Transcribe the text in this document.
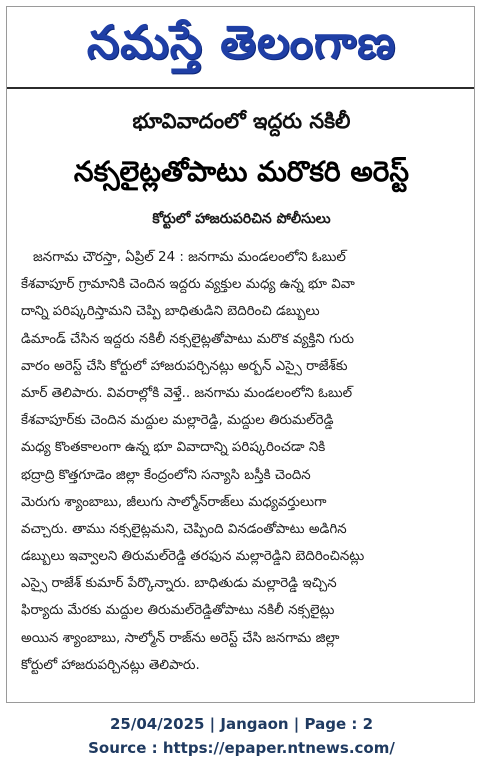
నమస్తే తెలంగాణ
భూవివాదంలో ఇద్దరు నకిలీ
నక్సలైట్లతోపాటు మరొకరి అరెస్ట్
కోర్టులో హాజరుపరిచిన పోలీసులు
జనగామ చౌరస్తా, ఏప్రిల్ 24 : జనగామ మండలంలోని ఓబుల్
కేశవాపూర్ గ్రామానికి చెందిన ఇద్దరు వ్యక్తుల మధ్య ఉన్న భూ వివా
దాన్ని పరిష్కరిస్తామని చెప్పి బాధితుడిని బెదిరించి డబ్బులు
డిమాండ్ చేసిన ఇద్దరు నకిలీ నక్సలైట్లతోపాటు మరొక వ్యక్తిని గురు
వారం అరెస్ట్ చేసి కోర్టులో హాజరుపర్చినట్లు అర్బన్ ఎస్సై రాజేశ్‌కు
మార్ తెలిపారు. వివరాల్లోకి వెళ్తే.. జనగామ మండలంలోని ఓబుల్
కేశవాపూర్‌కు చెందిన మద్దుల మల్లారెడ్డి, మద్దుల తిరుమల్‌రెడ్డి
మధ్య కొంతకాలంగా ఉన్న భూ వివాదాన్ని పరిష్కరించడా నికి
భద్రాద్రి కొత్తగూడెం జిల్లా కేంద్రంలోని సన్యాసి బస్తీకి చెందిన
మెరుగు శ్యాంబాబు, జీలుగు సాల్మోన్‌రాజ్‌లు మధ్యవర్తులుగా
వచ్చారు. తాము నక్సలైట్లమని, చెప్పింది వినడంతోపాటు అడిగిన
డబ్బులు ఇవ్వాలని తిరుమల్‌రెడ్డి తరఫున మల్లారెడ్డిని బెదిరించినట్లు
ఎస్సై రాజేశ్ కుమార్ పేర్కొన్నారు. బాధితుడు మల్లారెడ్డి ఇచ్చిన
ఫిర్యాదు మేరకు మద్దుల తిరుమల్‌రెడ్డితోపాటు నకిలీ నక్సలైట్లు
అయిన శ్యాంబాబు, సాల్మోన్ రాజ్‌ను అరెస్ట్ చేసి జనగామ జిల్లా
కోర్టులో హాజరుపర్చినట్లు తెలిపారు.
25/04/2025 | Jangaon | Page : 2
Source : https://epaper.ntnews.com/
